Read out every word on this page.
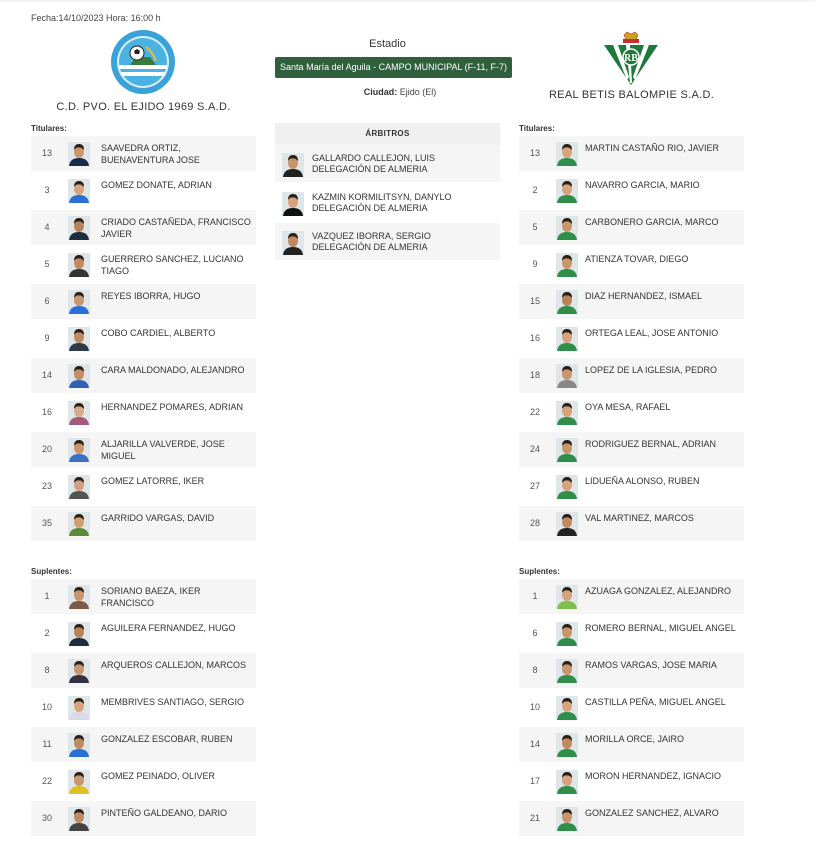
Fecha:14/10/2023 Hora: 16:00 h
C.D. PVO. EL EJIDO 1969 S.A.D.
Estadio
Santa María del Aguila - CAMPO MUNICIPAL (F-11, F-7)
Ciudad: Ejido (El)
RB
REAL BETIS BALOMPIE S.A.D.
Titulares:	Titulares:
Suplentes:	Suplentes:
13	SAAVEDRA ORTIZ, BUENAVENTURA JOSE
3	GOMEZ DONATE, ADRIAN
4	CRIADO CASTAÑEDA, FRANCISCO JAVIER
5	GUERRERO SANCHEZ, LUCIANO TIAGO
6	REYES IBORRA, HUGO
9	COBO CARDIEL, ALBERTO
14	CARA MALDONADO, ALEJANDRO
16	HERNANDEZ POMARES, ADRIAN
20	ALJARILLA VALVERDE, JOSE MIGUEL
23	GOMEZ LATORRE, IKER
35	GARRIDO VARGAS, DAVID
13	MARTIN CASTAÑO RIO, JAVIER
2	NAVARRO GARCIA, MARIO
5	CARBONERO GARCIA, MARCO
9	ATIENZA TOVAR, DIEGO
15	DIAZ HERNANDEZ, ISMAEL
16	ORTEGA LEAL, JOSE ANTONIO
18	LOPEZ DE LA IGLESIA, PEDRO
22	OYA MESA, RAFAEL
24	RODRIGUEZ BERNAL, ADRIAN
27	LIDUEÑA ALONSO, RUBEN
28	VAL MARTINEZ, MARCOS
1	SORIANO BAEZA, IKER FRANCISCO
2	AGUILERA FERNANDEZ, HUGO
8	ARQUEROS CALLEJON, MARCOS
10	MEMBRIVES SANTIAGO, SERGIO
11	GONZALEZ ESCOBAR, RUBEN
22	GOMEZ PEINADO, OLIVER
30	PINTEÑO GALDEANO, DARIO
1	AZUAGA GONZALEZ, ALEJANDRO
6	ROMERO BERNAL, MIGUEL ANGEL
8	RAMOS VARGAS, JOSE MARIA
10	CASTILLA PEÑA, MIGUEL ANGEL
14	MORILLA ORCE, JAIRO
17	MORON HERNANDEZ, IGNACIO
21	GONZALEZ SANCHEZ, ALVARO
ÁRBITROS
GALLARDO CALLEJON, LUIS
DELEGACIÓN DE ALMERIA
KAZMIN KORMILITSYN, DANYLO
DELEGACIÓN DE ALMERIA
VAZQUEZ IBORRA, SERGIO
DELEGACIÓN DE ALMERIA
